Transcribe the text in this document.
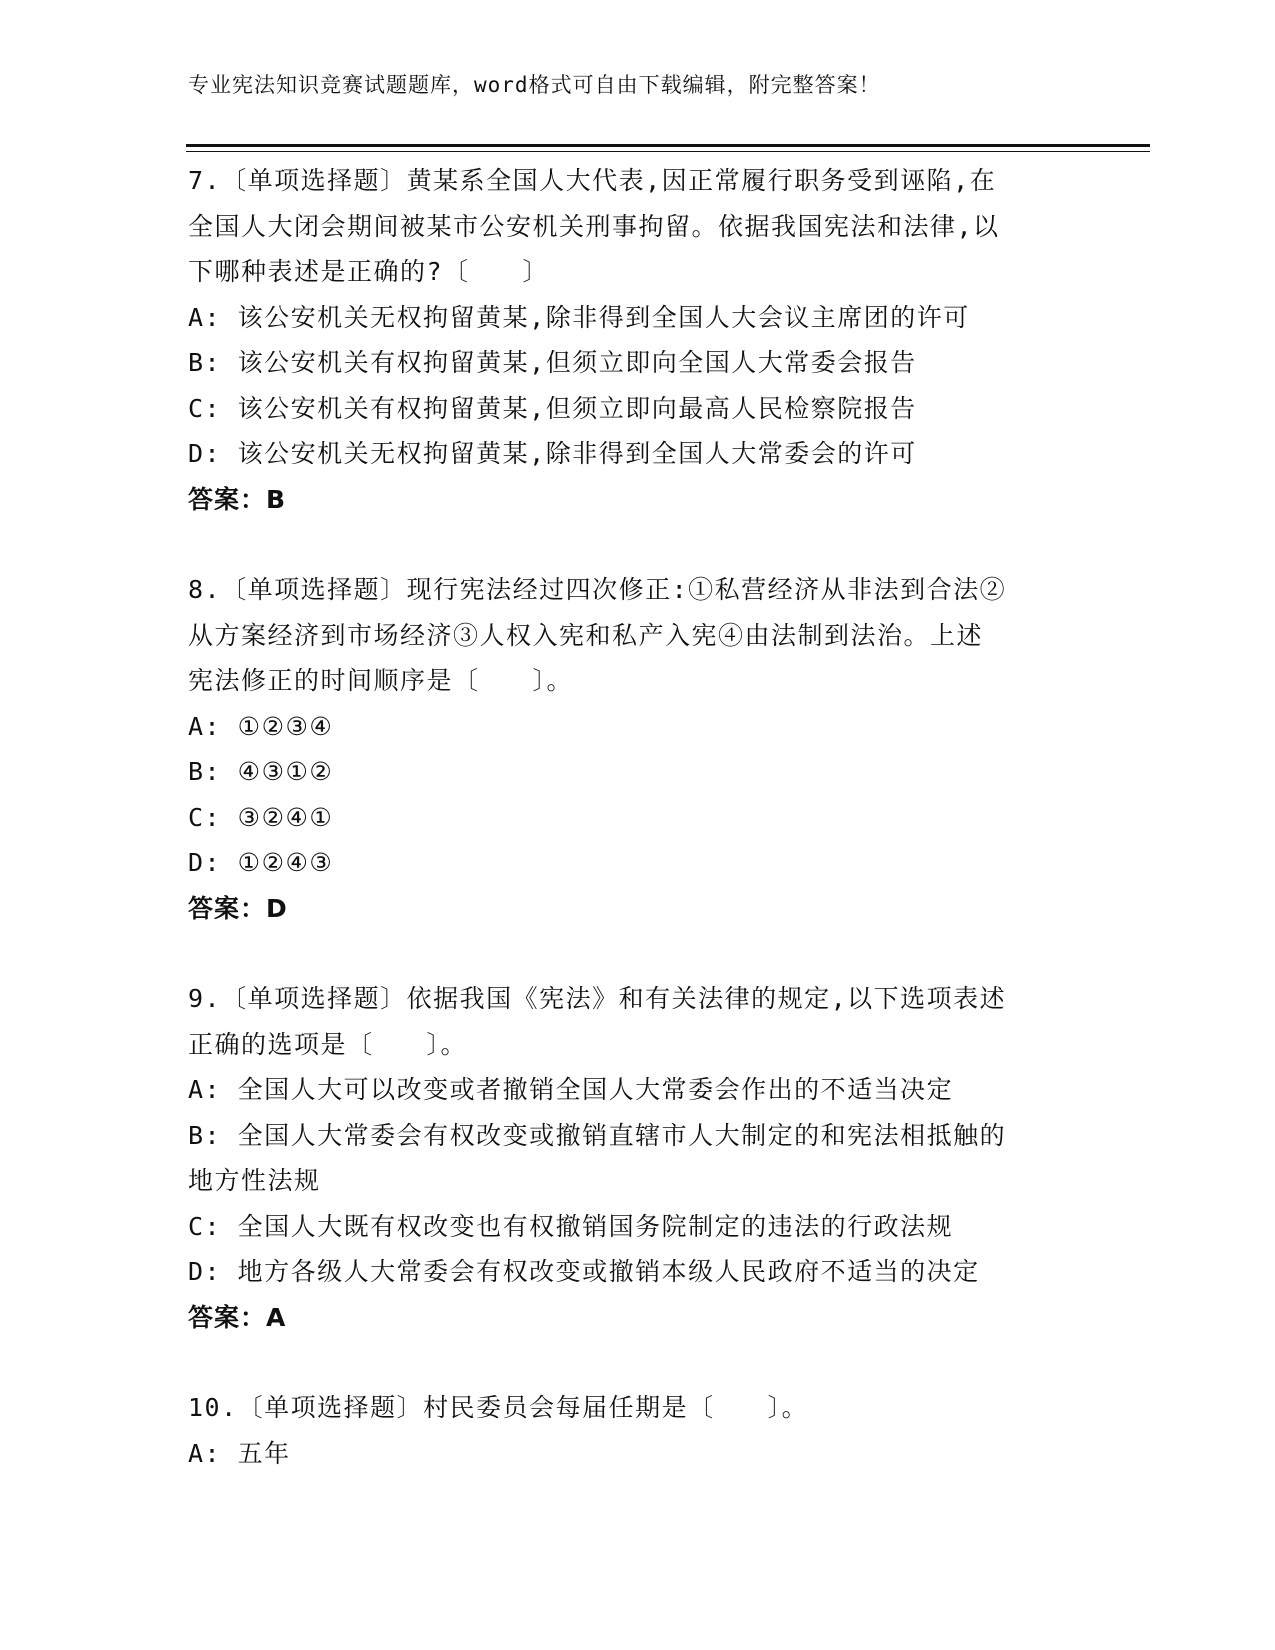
专业宪法知识竞赛试题题库，word格式可自由下载编辑，附完整答案！
7.〔单项选择题〕黄某系全国人大代表,因正常履行职务受到诬陷,在
全国人大闭会期间被某市公安机关刑事拘留。依据我国宪法和法律,以
下哪种表述是正确的?〔　　〕
A: 该公安机关无权拘留黄某,除非得到全国人大会议主席团的许可
B: 该公安机关有权拘留黄某,但须立即向全国人大常委会报告
C: 该公安机关有权拘留黄某,但须立即向最高人民检察院报告
D: 该公安机关无权拘留黄某,除非得到全国人大常委会的许可
答案：B
8.〔单项选择题〕现行宪法经过四次修正:①私营经济从非法到合法②
从方案经济到市场经济③人权入宪和私产入宪④由法制到法治。上述
宪法修正的时间顺序是〔　　〕。
A: ①②③④
B: ④③①②
C: ③②④①
D: ①②④③
答案：D
9.〔单项选择题〕依据我国《宪法》和有关法律的规定,以下选项表述
正确的选项是〔　　〕。
A: 全国人大可以改变或者撤销全国人大常委会作出的不适当决定
B: 全国人大常委会有权改变或撤销直辖市人大制定的和宪法相抵触的
地方性法规
C: 全国人大既有权改变也有权撤销国务院制定的违法的行政法规
D: 地方各级人大常委会有权改变或撤销本级人民政府不适当的决定
答案：A
10.〔单项选择题〕村民委员会每届任期是〔　　〕。
A: 五年
